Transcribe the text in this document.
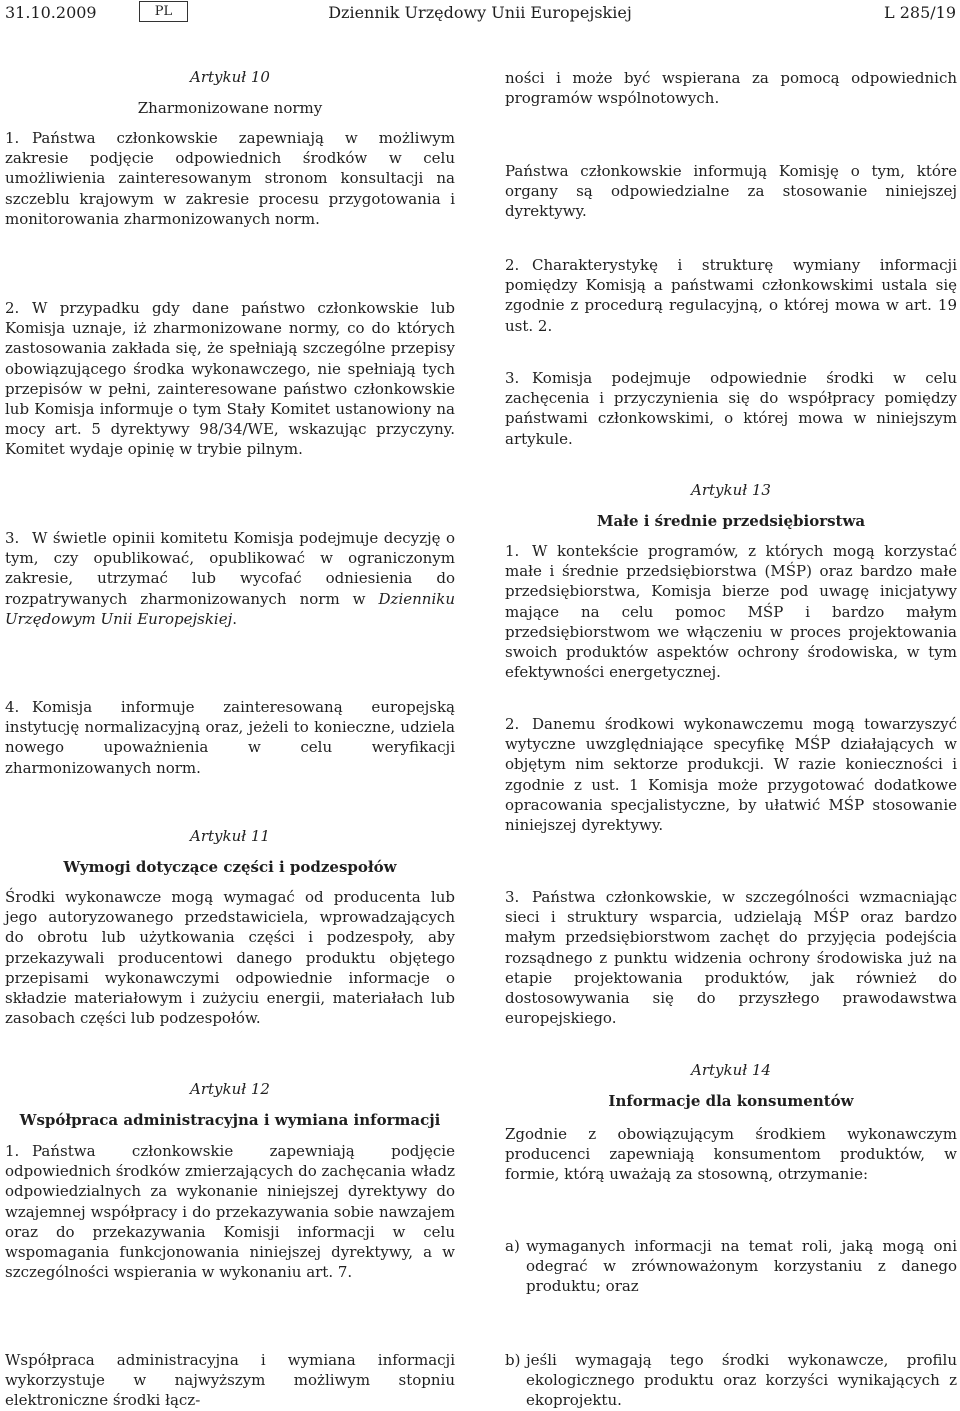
31.10.2009	PL	Dziennik Urzędowy Unii Europejskiej	L 285/19

Artykuł 10

Zharmonizowane normy

1. Państwa członkowskie zapewniają w możliwym zakresie podjęcie odpowiednich środków w celu umożliwienia zainteresowanym stronom konsultacji na szczeblu krajowym w zakresie procesu przygotowania i monitorowania zharmonizowanych norm.

2. W przypadku gdy dane państwo członkowskie lub Komisja uznaje, iż zharmonizowane normy, co do których zastosowania zakłada się, że spełniają szczególne przepisy obowiązującego środka wykonawczego, nie spełniają tych przepisów w pełni, zainteresowane państwo członkowskie lub Komisja informuje o tym Stały Komitet ustanowiony na mocy art. 5 dyrektywy 98/34/WE, wskazując przyczyny. Komitet wydaje opinię w trybie pilnym.

3. W świetle opinii komitetu Komisja podejmuje decyzję o tym, czy opublikować, opublikować w ograniczonym zakresie, utrzymać lub wycofać odniesienia do rozpatrywanych zharmonizowanych norm w Dzienniku Urzędowym Unii Europejskiej.

4. Komisja informuje zainteresowaną europejską instytucję normalizacyjną oraz, jeżeli to konieczne, udziela nowego upoważnienia w celu weryfikacji zharmonizowanych norm.

Artykuł 11

Wymogi dotyczące części i podzespołów

Środki wykonawcze mogą wymagać od producenta lub jego autoryzowanego przedstawiciela, wprowadzających do obrotu lub użytkowania części i podzespoły, aby przekazywali producentowi danego produktu objętego przepisami wykonawczymi odpowiednie informacje o składzie materiałowym i zużyciu energii, materiałach lub zasobach części lub podzespołów.

Artykuł 12

Współpraca administracyjna i wymiana informacji

1. Państwa członkowskie zapewniają podjęcie odpowiednich środków zmierzających do zachęcania władz odpowiedzialnych za wykonanie niniejszej dyrektywy do wzajemnej współpracy i do przekazywania sobie nawzajem oraz do przekazywania Komisji informacji w celu wspomagania funkcjonowania niniejszej dyrektywy, a w szczególności wspierania w wykonaniu art. 7.

Współpraca administracyjna i wymiana informacji wykorzystuje w najwyższym możliwym stopniu elektroniczne środki łącz-

ności i może być wspierana za pomocą odpowiednich programów wspólnotowych.

Państwa członkowskie informują Komisję o tym, które organy są odpowiedzialne za stosowanie niniejszej dyrektywy.

2. Charakterystykę i strukturę wymiany informacji pomiędzy Komisją a państwami członkowskimi ustala się zgodnie z procedurą regulacyjną, o której mowa w art. 19 ust. 2.

3. Komisja podejmuje odpowiednie środki w celu zachęcenia i przyczynienia się do współpracy pomiędzy państwami członkowskimi, o której mowa w niniejszym artykule.

Artykuł 13

Małe i średnie przedsiębiorstwa

1. W kontekście programów, z których mogą korzystać małe i średnie przedsiębiorstwa (MŚP) oraz bardzo małe przedsiębiorstwa, Komisja bierze pod uwagę inicjatywy mające na celu pomoc MŚP i bardzo małym przedsiębiorstwom we włączeniu w proces projektowania swoich produktów aspektów ochrony środowiska, w tym efektywności energetycznej.

2. Danemu środkowi wykonawczemu mogą towarzyszyć wytyczne uwzględniające specyfikę MŚP działających w objętym nim sektorze produkcji. W razie konieczności i zgodnie z ust. 1 Komisja może przygotować dodatkowe opracowania specjalistyczne, by ułatwić MŚP stosowanie niniejszej dyrektywy.

3. Państwa członkowskie, w szczególności wzmacniając sieci i struktury wsparcia, udzielają MŚP oraz bardzo małym przedsiębiorstwom zachęt do przyjęcia podejścia rozsądnego z punktu widzenia ochrony środowiska już na etapie projektowania produktów, jak również do dostosowywania się do przyszłego prawodawstwa europejskiego.

Artykuł 14

Informacje dla konsumentów

Zgodnie z obowiązującym środkiem wykonawczym producenci zapewniają konsumentom produktów, w formie, którą uważają za stosowną, otrzymanie:

a) wymaganych informacji na temat roli, jaką mogą oni odegrać w zrównoważonym korzystaniu z danego produktu; oraz
b) jeśli wymagają tego środki wykonawcze, profilu ekologicznego produktu oraz korzyści wynikających z ekoprojektu.
